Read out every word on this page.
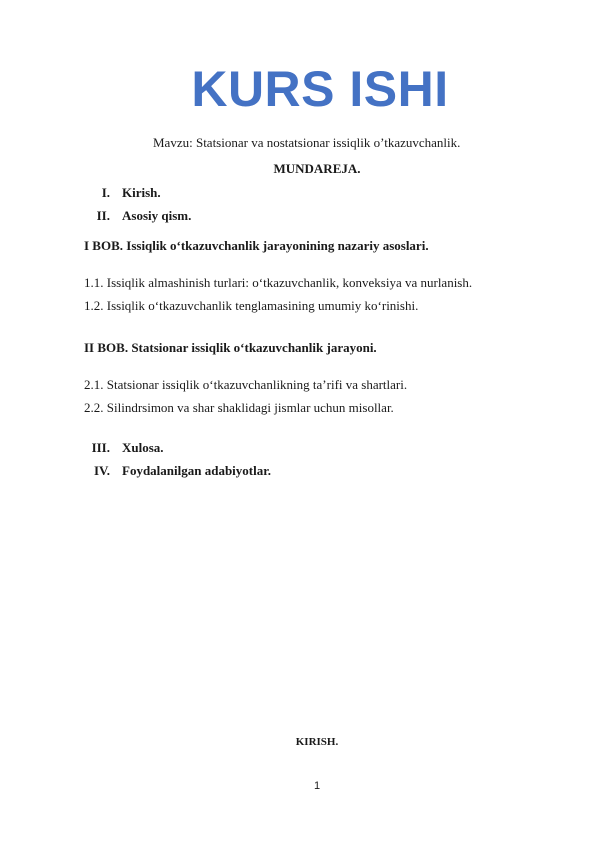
KURS ISHI
Mavzu: Statsionar va nostatsionar issiqlik o’tkazuvchanlik.
MUNDAREJA.
I. Kirish.
II. Asosiy qism.
I BOB. Issiqlik o‘tkazuvchanlik jarayonining nazariy asoslari.
1.1. Issiqlik almashinish turlari: o‘tkazuvchanlik, konveksiya va nurlanish.
1.2. Issiqlik o‘tkazuvchanlik tenglamasining umumiy ko‘rinishi.
II BOB. Statsionar issiqlik o‘tkazuvchanlik jarayoni.
2.1. Statsionar issiqlik o‘tkazuvchanlikning ta’rifi va shartlari.
2.2. Silindrsimon va shar shaklidagi jismlar uchun misollar.
III. Xulosa.
IV. Foydalanilgan adabiyotlar.
KIRISH.
1
